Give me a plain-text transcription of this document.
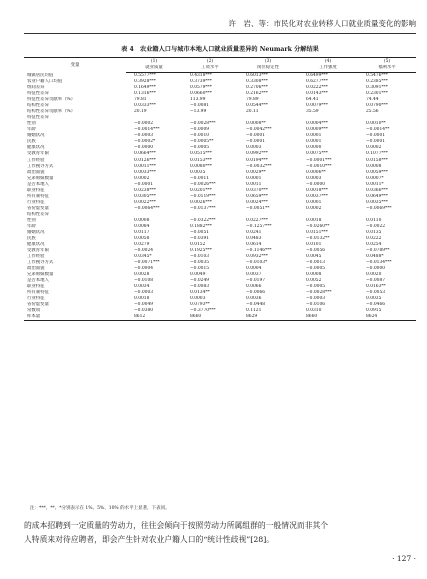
许　岩、等：市民化对农业转移人口就业质量变化的影响
表 4　农业籍人口与城市本地人口就业质量差异的 Neumark 分解结果
变量	(1)	(2)	(3)	(4)	(5)
	就业质量	工资水平	岗位稳定性	工作强度	福利水平
城镇居民均值	0.5577***	0.4318***	0.6013***	0.6499***	0.5476***
农业户籍人口均值	0.3928***	0.3739***	0.3308***	0.6277***	0.2385***
组间差异	0.1649***	0.0579***	0.2706***	0.0222***	0.3091***
特征性差异	0.1316***	0.0660***	0.2162***	0.0143***	0.2301***
特征性差异贡献率（%）	79.81	113.99	79.89	64.41	74.44
结构性差异	0.0333***	−0.0081	0.0544***	0.0079***	0.0790***
结构性差异贡献率（%）	20.19	−13.99	20.11	35.59	25.56
特征性差异					
性别	−0.0002	−0.0028***	0.0008**	0.0004***	0.0010**
年龄	−0.0014***	−0.0009	−0.0042***	0.0009***	−0.0014**
婚姻状况	−0.0003	−0.0010	−0.0001	0.0001	−0.0001
民族	−0.0002*	−0.0005**	−0.0001	0.0001	−0.0001
健康状况	−0.0000	−0.0005	0.0003	0.0000	0.0002
受教育年限	0.0664***	0.0515***	0.0992***	0.0075***	0.1077***
工作经验	0.0126***	0.0153***	0.0194***	−0.0001***	0.0158***
工作搜寻方式	0.0011***	0.0080***	−0.0032***	−0.0010***	0.0008
政治面貌	0.0033***	0.0035	0.0029**	0.0006**	0.0059***
兄弟姐妹数量	0.0002	−0.0011	0.0001	0.0003	0.0007*
是否本地人	−0.0001	−0.0026***	0.0011	−0.0000	0.0011*
职业特征	0.0238***	0.0201***	0.0370***	0.0018***	0.0366***
所有制特征	0.0305***	−0.0119***	0.0659***	0.0037***	0.0649***
行业特征	0.0022***	0.0026***	0.0024***	0.0001	0.0035***
省份虚变量	−0.0064***	−0.0137***	−0.0051**	0.0002	−0.0069***
结构性差异					
性别	0.0008	−0.0322***	0.0227***	0.0018	0.0110
年龄	0.0084	0.1882***	−0.1257***	−0.0260**	−0.0022
婚姻状况	0.0117	−0.0051	0.0241	0.0151***	0.0135
民族	0.0058	−0.0391	0.0483	−0.0132**	0.0222
健康状况	0.0279	0.0152	0.0614	0.0101	0.0254
受教育年限	−0.0024	0.1925***	−0.1146***	−0.0056	−0.0789**
工作经验	0.0345*	−0.0103	0.0932***	0.0045	0.0488*
工作搜寻方式	−0.0071***	−0.0035	−0.0103*	−0.0013	−0.0134***
政治面貌	−0.0004	−0.0015	0.0004	−0.0005	−0.0000
兄弟姐妹数量	0.0028	0.0049	0.0037	0.0008	0.0020
是否本地人	−0.0108	−0.0249	−0.0197	0.0052	−0.0087
职业特征	0.0034	−0.0083	0.0066	−0.0005	0.0163**
所有制特征	−0.0003	0.0134**	−0.0066	−0.0028***	−0.0053
行业特征	0.0018	0.0003	0.0036	−0.0003	0.0035
省份虚变量	−0.0049	0.0793**	−0.0448	−0.0106	−0.0466
常数项	−0.0380	−0.3770***	0.1121	0.0310	0.0915
样本量	8612	8660	8629	8660	8624
注：***、**、*分别表示在 1%、5%、10% 的水平上显著，下表同。

的成本招聘到一定质量的劳动力，往往会倾向于按照劳动力所属组群的一般情况而非其个

人特质来对待应聘者，即会产生针对农业户籍人口的“统计性歧视”[28]。

· 127 ·
